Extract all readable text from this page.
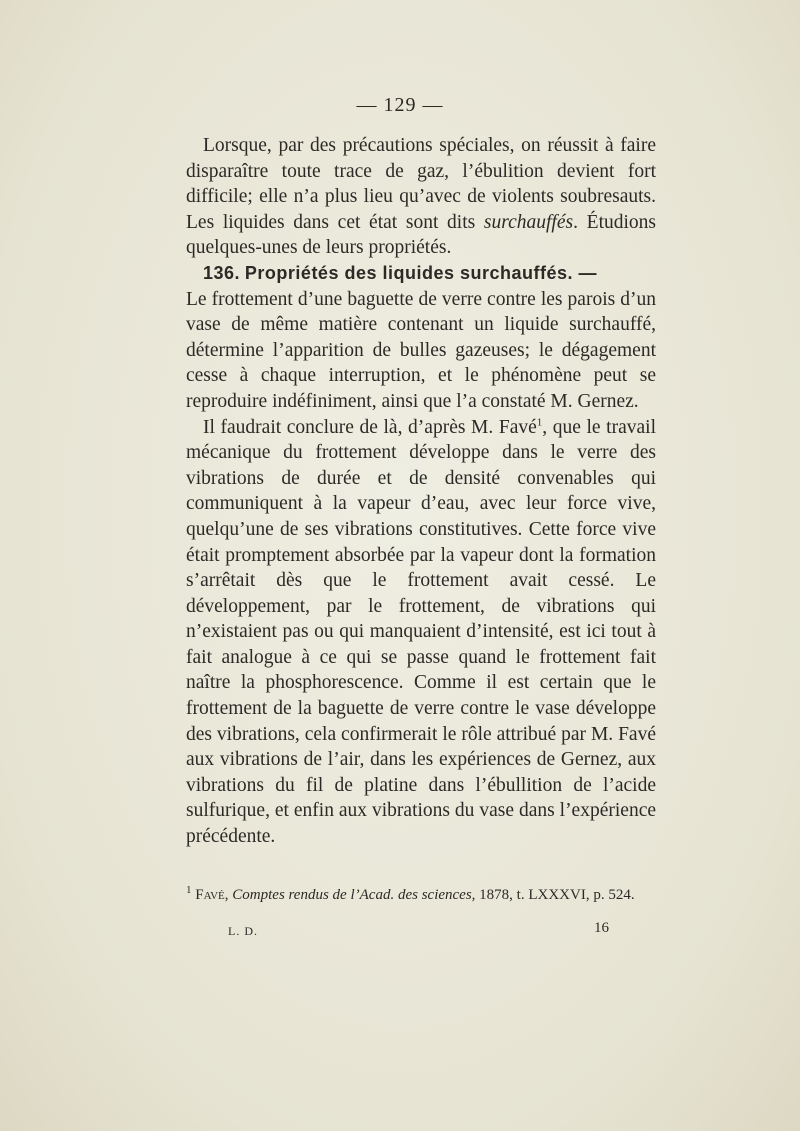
— 129 —

Lorsque, par des précautions spéciales, on réussit à faire disparaître toute trace de gaz, l’ébulition devient fort difficile; elle n’a plus lieu qu’avec de violents soubresauts. Les liquides dans cet état sont dits surchauffés. Étudions quelques-unes de leurs propriétés.

136. Propriétés des liquides surchauffés. —

Le frottement d’une baguette de verre contre les parois d’un vase de même matière contenant un liquide surchauffé, détermine l’apparition de bulles gazeuses; le dégagement cesse à chaque interruption, et le phénomène peut se reproduire indéfiniment, ainsi que l’a constaté M. Gernez.

Il faudrait conclure de là, d’après M. Favé$^1$, que le travail mécanique du frottement développe dans le verre des vibrations de durée et de densité convenables qui communiquent à la vapeur d’eau, avec leur force vive, quelqu’une de ses vibrations constitutives. Cette force vive était promptement absorbée par la vapeur dont la formation s’arrêtait dès que le frottement avait cessé. Le développement, par le frottement, de vibrations qui n’existaient pas ou qui manquaient d’intensité, est ici tout à fait analogue à ce qui se passe quand le frottement fait naître la phosphorescence. Comme il est certain que le frottement de la baguette de verre contre le vase développe des vibrations, cela confirmerait le rôle attribué par M. Favé aux vibrations de l’air, dans les expériences de Gernez, aux vibrations du fil de platine dans l’ébullition de l’acide sulfurique, et enfin aux vibrations du vase dans l’expérience précédente.

$^1$ Favé, Comptes rendus de l’Acad. des sciences, 1878, t. LXXXVI, p. 524.
L. D.	16
